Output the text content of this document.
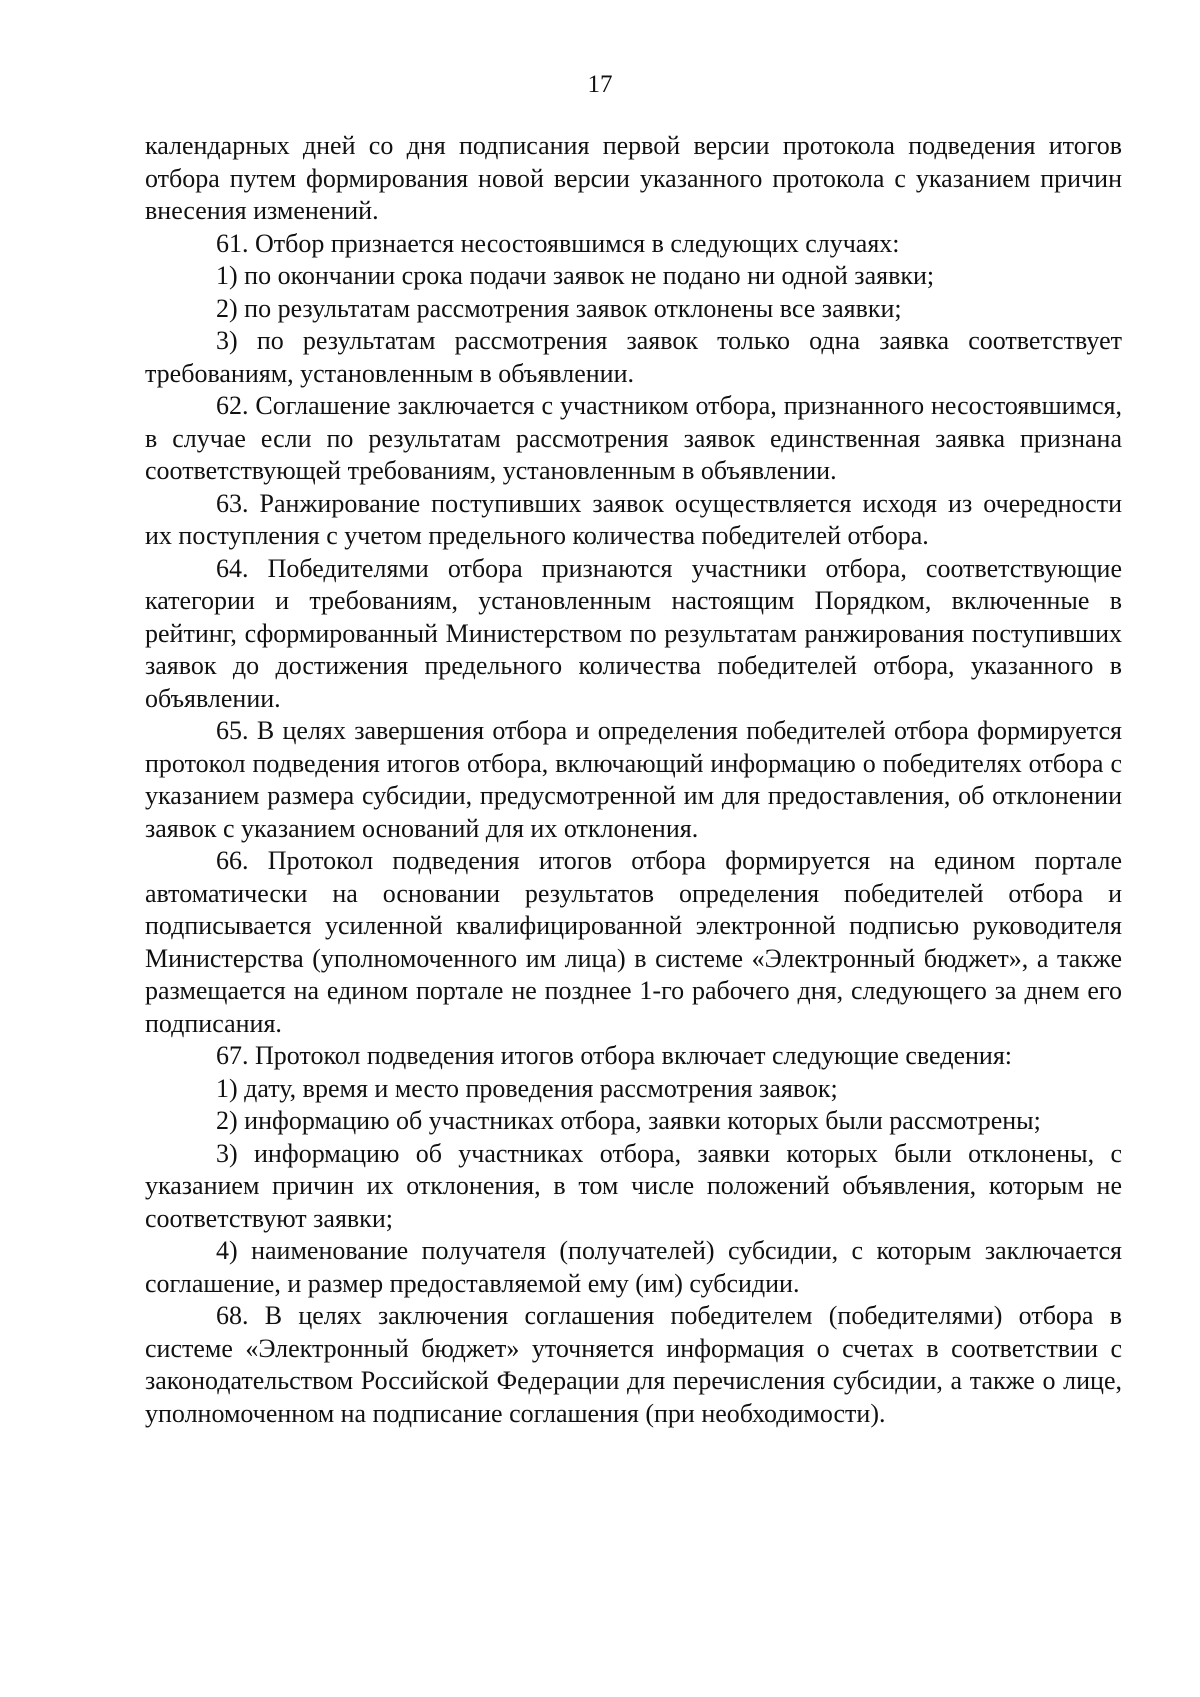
17

календарных дней со дня подписания первой версии протокола подведения итогов отбора путем формирования новой версии указанного протокола с указанием причин внесения изменений.

61. Отбор признается несостоявшимся в следующих случаях:

1) по окончании срока подачи заявок не подано ни одной заявки;

2) по результатам рассмотрения заявок отклонены все заявки;

3) по результатам рассмотрения заявок только одна заявка соответствует требованиям, установленным в объявлении.

62. Соглашение заключается с участником отбора, признанного несостоявшимся, в случае если по результатам рассмотрения заявок единственная заявка признана соответствующей требованиям, установленным в объявлении.

63. Ранжирование поступивших заявок осуществляется исходя из очередности их поступления с учетом предельного количества победителей отбора.

64. Победителями отбора признаются участники отбора, соответствующие категории и требованиям, установленным настоящим Порядком, включенные в рейтинг, сформированный Министерством по результатам ранжирования поступивших заявок до достижения предельного количества победителей отбора, указанного в объявлении.

65. В целях завершения отбора и определения победителей отбора формируется протокол подведения итогов отбора, включающий информацию о победителях отбора с указанием размера субсидии, предусмотренной им для предоставления, об отклонении заявок с указанием оснований для их отклонения.

66. Протокол подведения итогов отбора формируется на едином портале автоматически на основании результатов определения победителей отбора и подписывается усиленной квалифицированной электронной подписью руководителя Министерства (уполномоченного им лица) в системе «Электронный бюджет», а также размещается на едином портале не позднее 1-го рабочего дня, следующего за днем его подписания.

67. Протокол подведения итогов отбора включает следующие сведения:

1) дату, время и место проведения рассмотрения заявок;

2) информацию об участниках отбора, заявки которых были рассмотрены;

3) информацию об участниках отбора, заявки которых были отклонены, с указанием причин их отклонения, в том числе положений объявления, которым не соответствуют заявки;

4) наименование получателя (получателей) субсидии, с которым заключается соглашение, и размер предоставляемой ему (им) субсидии.

68. В целях заключения соглашения победителем (победителями) отбора в системе «Электронный бюджет» уточняется информация о счетах в соответствии с законодательством Российской Федерации для перечисления субсидии, а также о лице, уполномоченном на подписание соглашения (при необходимости).
